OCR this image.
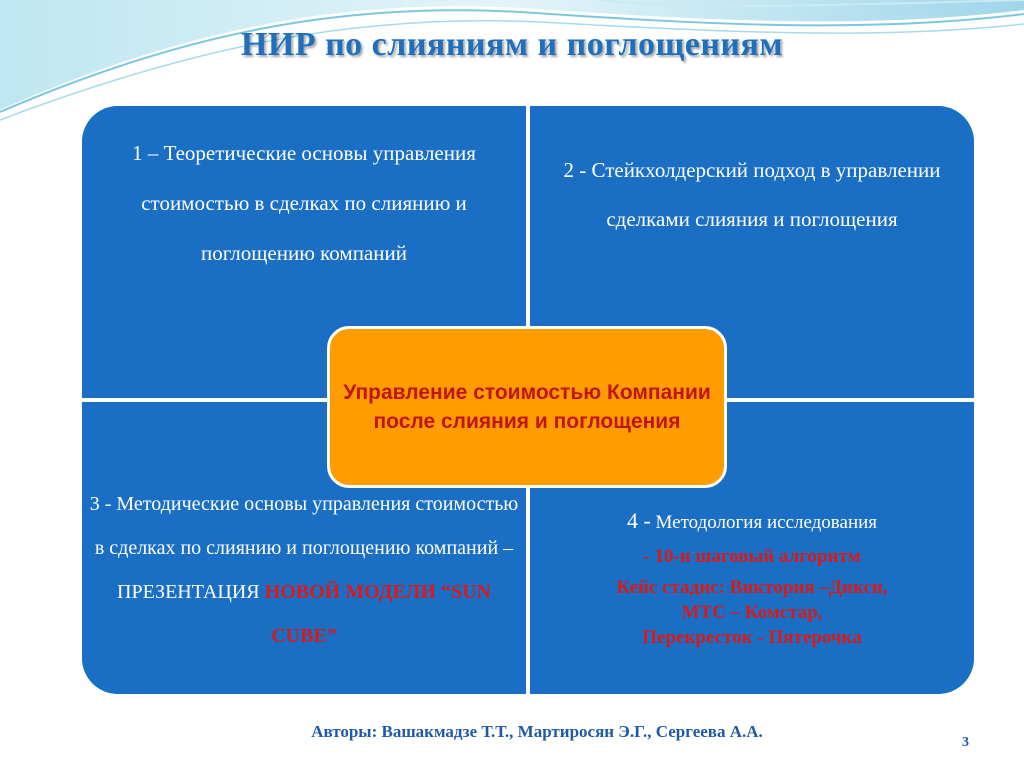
НИР по слияниям и поглощениям
1 – Теоретические основы управления стоимостью в сделках по слиянию и поглощению компаний
2 - Стейкхолдерский подход в управлении сделками слияния и поглощения
3 - Методические основы управления стоимостью в сделках по слиянию и поглощению компаний – ПРЕЗЕНТАЦИЯ НОВОЙ МОДЕЛИ “SUN CUBE”
4 - Методология исследования
- 10-и шаговый алгоритм
Кейс стадис: Виктория –Дикси,
МТС – Комстар,
Перекресток - Пятерочка
Управление стоимостью Компании после слияния и поглощения
Авторы: Вашакмадзе Т.Т., Мартиросян Э.Г., Сергеева А.А.
3
